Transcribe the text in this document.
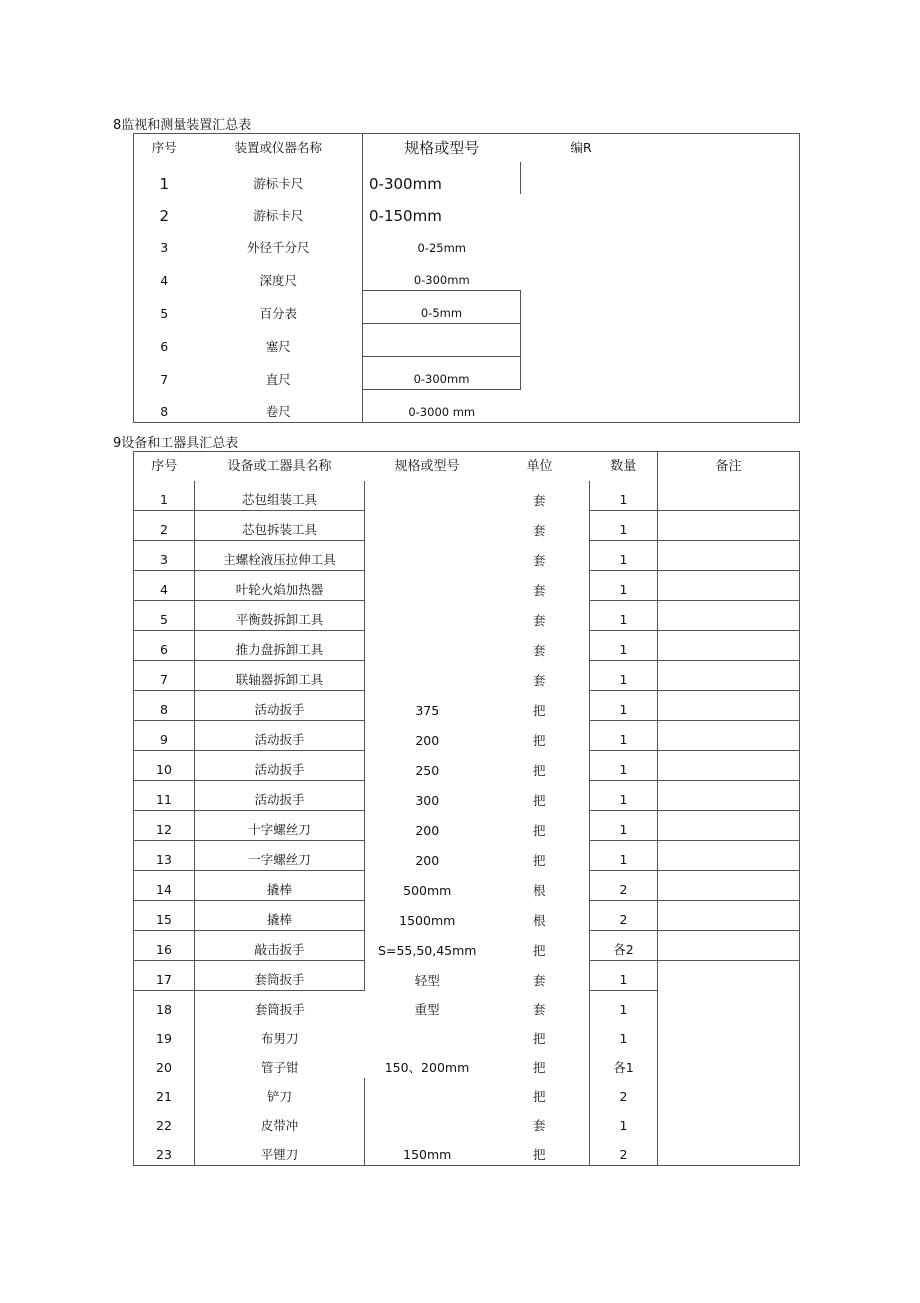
8监视和测量装置汇总表
序号	装置或仪器名称	规格或型号	编R
1	游标卡尺	0-300mm	
2	游标卡尺	0-150mm	
3	外径千分尺	0-25mm	
4	深度尺	0-300mm	
5	百分表	0-5mm	
6	塞尺		
7	直尺	0-300mm	
8	卷尺	0-3000 mm	
9设备和工器具汇总表
序号	设备或工器具名称	规格或型号	单位	数量	备注
1	芯包组装工具		套	1	
2	芯包拆装工具		套	1	
3	主螺栓液压拉伸工具		套	1	
4	叶轮火焰加热器		套	1	
5	平衡鼓拆卸工具		套	1	
6	推力盘拆卸工具		套	1	
7	联轴器拆卸工具		套	1	
8	活动扳手	375	把	1	
9	活动扳手	200	把	1	
10	活动扳手	250	把	1	
11	活动扳手	300	把	1	
12	十字螺丝刀	200	把	1	
13	一字螺丝刀	200	把	1	
14	撬棒	500mm	根	2	
15	撬棒	1500mm	根	2	
16	敲击扳手	S=55,50,45mm	把	各2	
17	套筒扳手	轻型	套	1	
18	套筒扳手	重型	套	1	
19	布男刀		把	1	
20	管子钳	150、200mm	把	各1	
21	铲刀		把	2	
22	皮带冲		套	1	
23	平锂刀	150mm	把	2	
